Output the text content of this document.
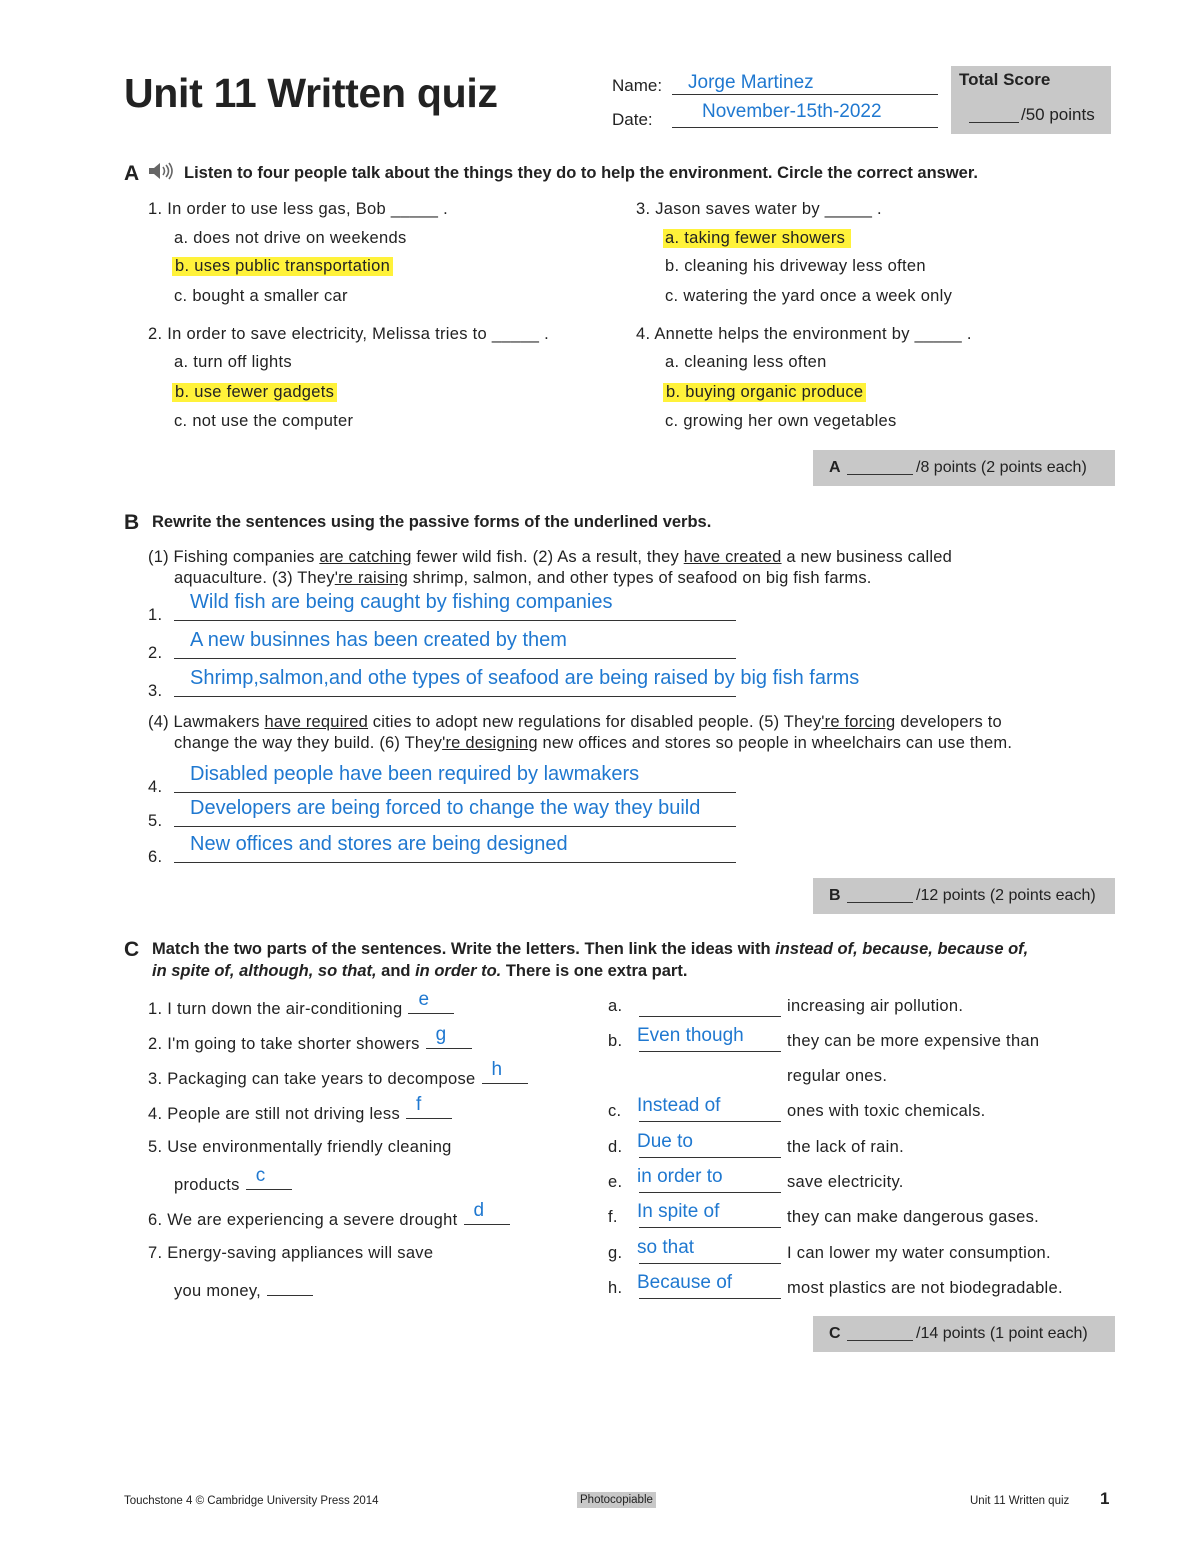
Unit 11 Written quiz	Name: Jorge Martinez
Date:	November-15th-2022
Total Score
/50 points
A	Listen to four people talk about the things they do to help the environment. Circle the correct answer.
1. In order to use less gas, Bob _____ .
a. does not drive on weekends
b. uses public transportation
c. bought a smaller car
2. In order to save electricity, Melissa tries to _____ .
a. turn off lights
b. use fewer gadgets
c. not use the computer
3. Jason saves water by _____ .
a. taking fewer showers
b. cleaning his driveway less often
c. watering the yard once a week only
4. Annette helps the environment by _____ .
a. cleaning less often
b. buying organic produce
c. growing her own vegetables
A	/8 points (2 points each)
B Rewrite the sentences using the passive forms of the underlined verbs.
(1) Fishing companies are catching fewer wild fish. (2) As a result, they have created a new business called
aquaculture. (3) They're raising shrimp, salmon, and other types of seafood on big fish farms.
1.
Wild fish are being caught by fishing companies
2.
A new businnes has been created by them
3.
Shrimp,salmon,and othe types of seafood are being raised by big fish farms
(4) Lawmakers have required cities to adopt new regulations for disabled people. (5) They're forcing developers to
change the way they build. (6) They're designing new offices and stores so people in wheelchairs can use them.
4.
Disabled people have been required by lawmakers
5.
Developers are being forced to change the way they build
6.
New offices and stores are being designed
B	/12 points (2 points each)
C Match the two parts of the sentences. Write the letters. Then link the ideas with instead of, because, because of,
in spite of, although, so that, and in order to. There is one extra part.
1. I turn down the air-conditioning e
2. I'm going to take shorter showers g
3. Packaging can take years to decompose h
4. People are still not driving less f
5. Use environmentally friendly cleaning
products c
6. We are experiencing a severe drought d
7. Energy-saving appliances will save
you money,
a.	increasing air pollution.
b. Even though	they can be more expensive than
regular ones.
c. Instead of	ones with toxic chemicals.
d. Due to	the lack of rain.
e. in order to	save electricity.
f. In spite of	they can make dangerous gases.
g. so that	I can lower my water consumption.
h. Because of	most plastics are not biodegradable.
C	/14 points (1 point each)
Touchstone 4 © Cambridge University Press 2014	Photocopiable	Unit 11 Written quiz 1
